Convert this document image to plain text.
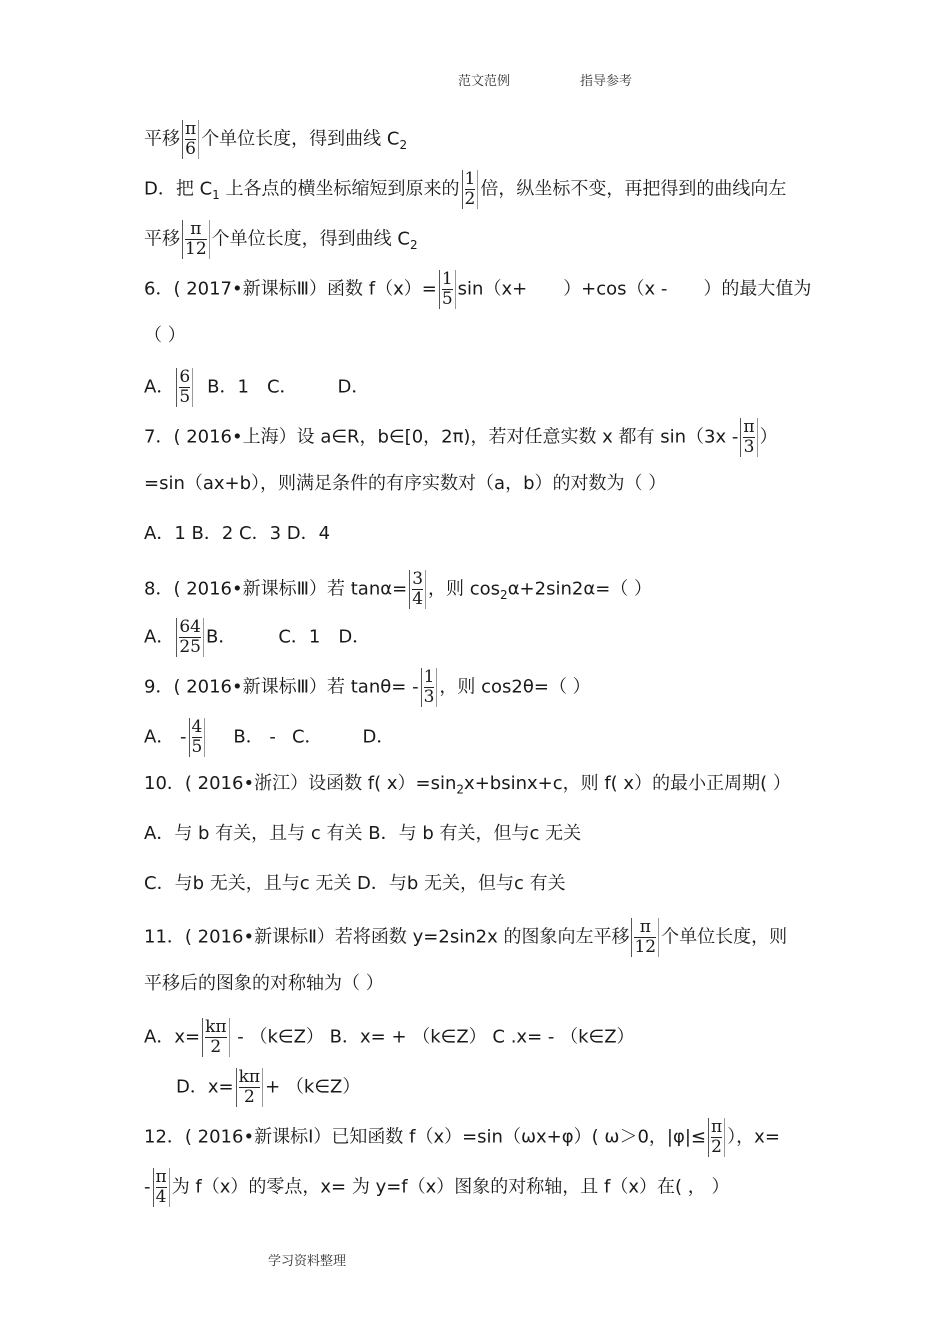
范文范例	指导参考
平移 $\frac{\pi}{6}$ 个单位长度，得到曲线 $C_2$
D．把 $C_1$ 上各点的横坐标缩短到原来的 $\frac{1}{2}$ 倍，纵坐标不变，再把得到的曲线向左
平移 $\frac{\pi}{12}$ 个单位长度，得到曲线 $C_2$
6．( 2017•新课标Ⅲ）函数 $f(x)= \frac{1}{5} \sin(x+ )+\cos(x$ - ）的最大值为
（ ）
A． $\frac{6}{5}$ B．1 C． D．
7．( 2016•上海）设 a∈R，b∈[0，2π)，若对任意实数 x 都有 $\sin(3x - \frac{\pi}{3}$ ）
=sin（ax+b），则满足条件的有序实数对（a，b）的对数为（ ）
A．1 B．2 C．3 D．4
8．( 2016•新课标Ⅲ）若 $\tan\alpha= \frac{3}{4}$ ，则 $\cos_2\alpha+2\sin 2\alpha=$（ ）
A． $\frac{64}{25}$ B． C．1 D．
9．( 2016•新课标Ⅲ）若 $\tan\theta= - \frac{1}{3}$ ，则 cos2θ=（ ）
A． - $\frac{4}{5}$ B． - C． D．
10．( 2016•浙江）设函数 f( $x)=\sin_2x+bsinx+c$，则 f( x）的最小正周期( ）
A．与 b 有关，且与 c 有关 B．与 b 有关，但与c 无关
C．与b 无关，且与c 无关 D．与b 无关，但与c 有关
11．( 2016•新课标Ⅱ）若将函数 y=2sin2x 的图象向左平移 $\frac{\pi}{12}$ 个单位长度，则
平移后的图象的对称轴为（ ）
A．$x= \frac{k\pi}{2}$ - （k∈Z） B．x= + （k∈Z） C .x= - （k∈Z）
D．$x= \frac{k\pi}{2}$ + （k∈Z）
12．( 2016•新课标Ⅰ）已知函数 f（x）=sin（ωx+φ）( ω＞0，$|\varphi|\le \frac{\pi}{2}$ ），x=
- $\frac{\pi}{4}$ 为 f（x）的零点，x= 为 y=f（x）图象的对称轴，且 f（x）在( ， ）
学习资料整理
